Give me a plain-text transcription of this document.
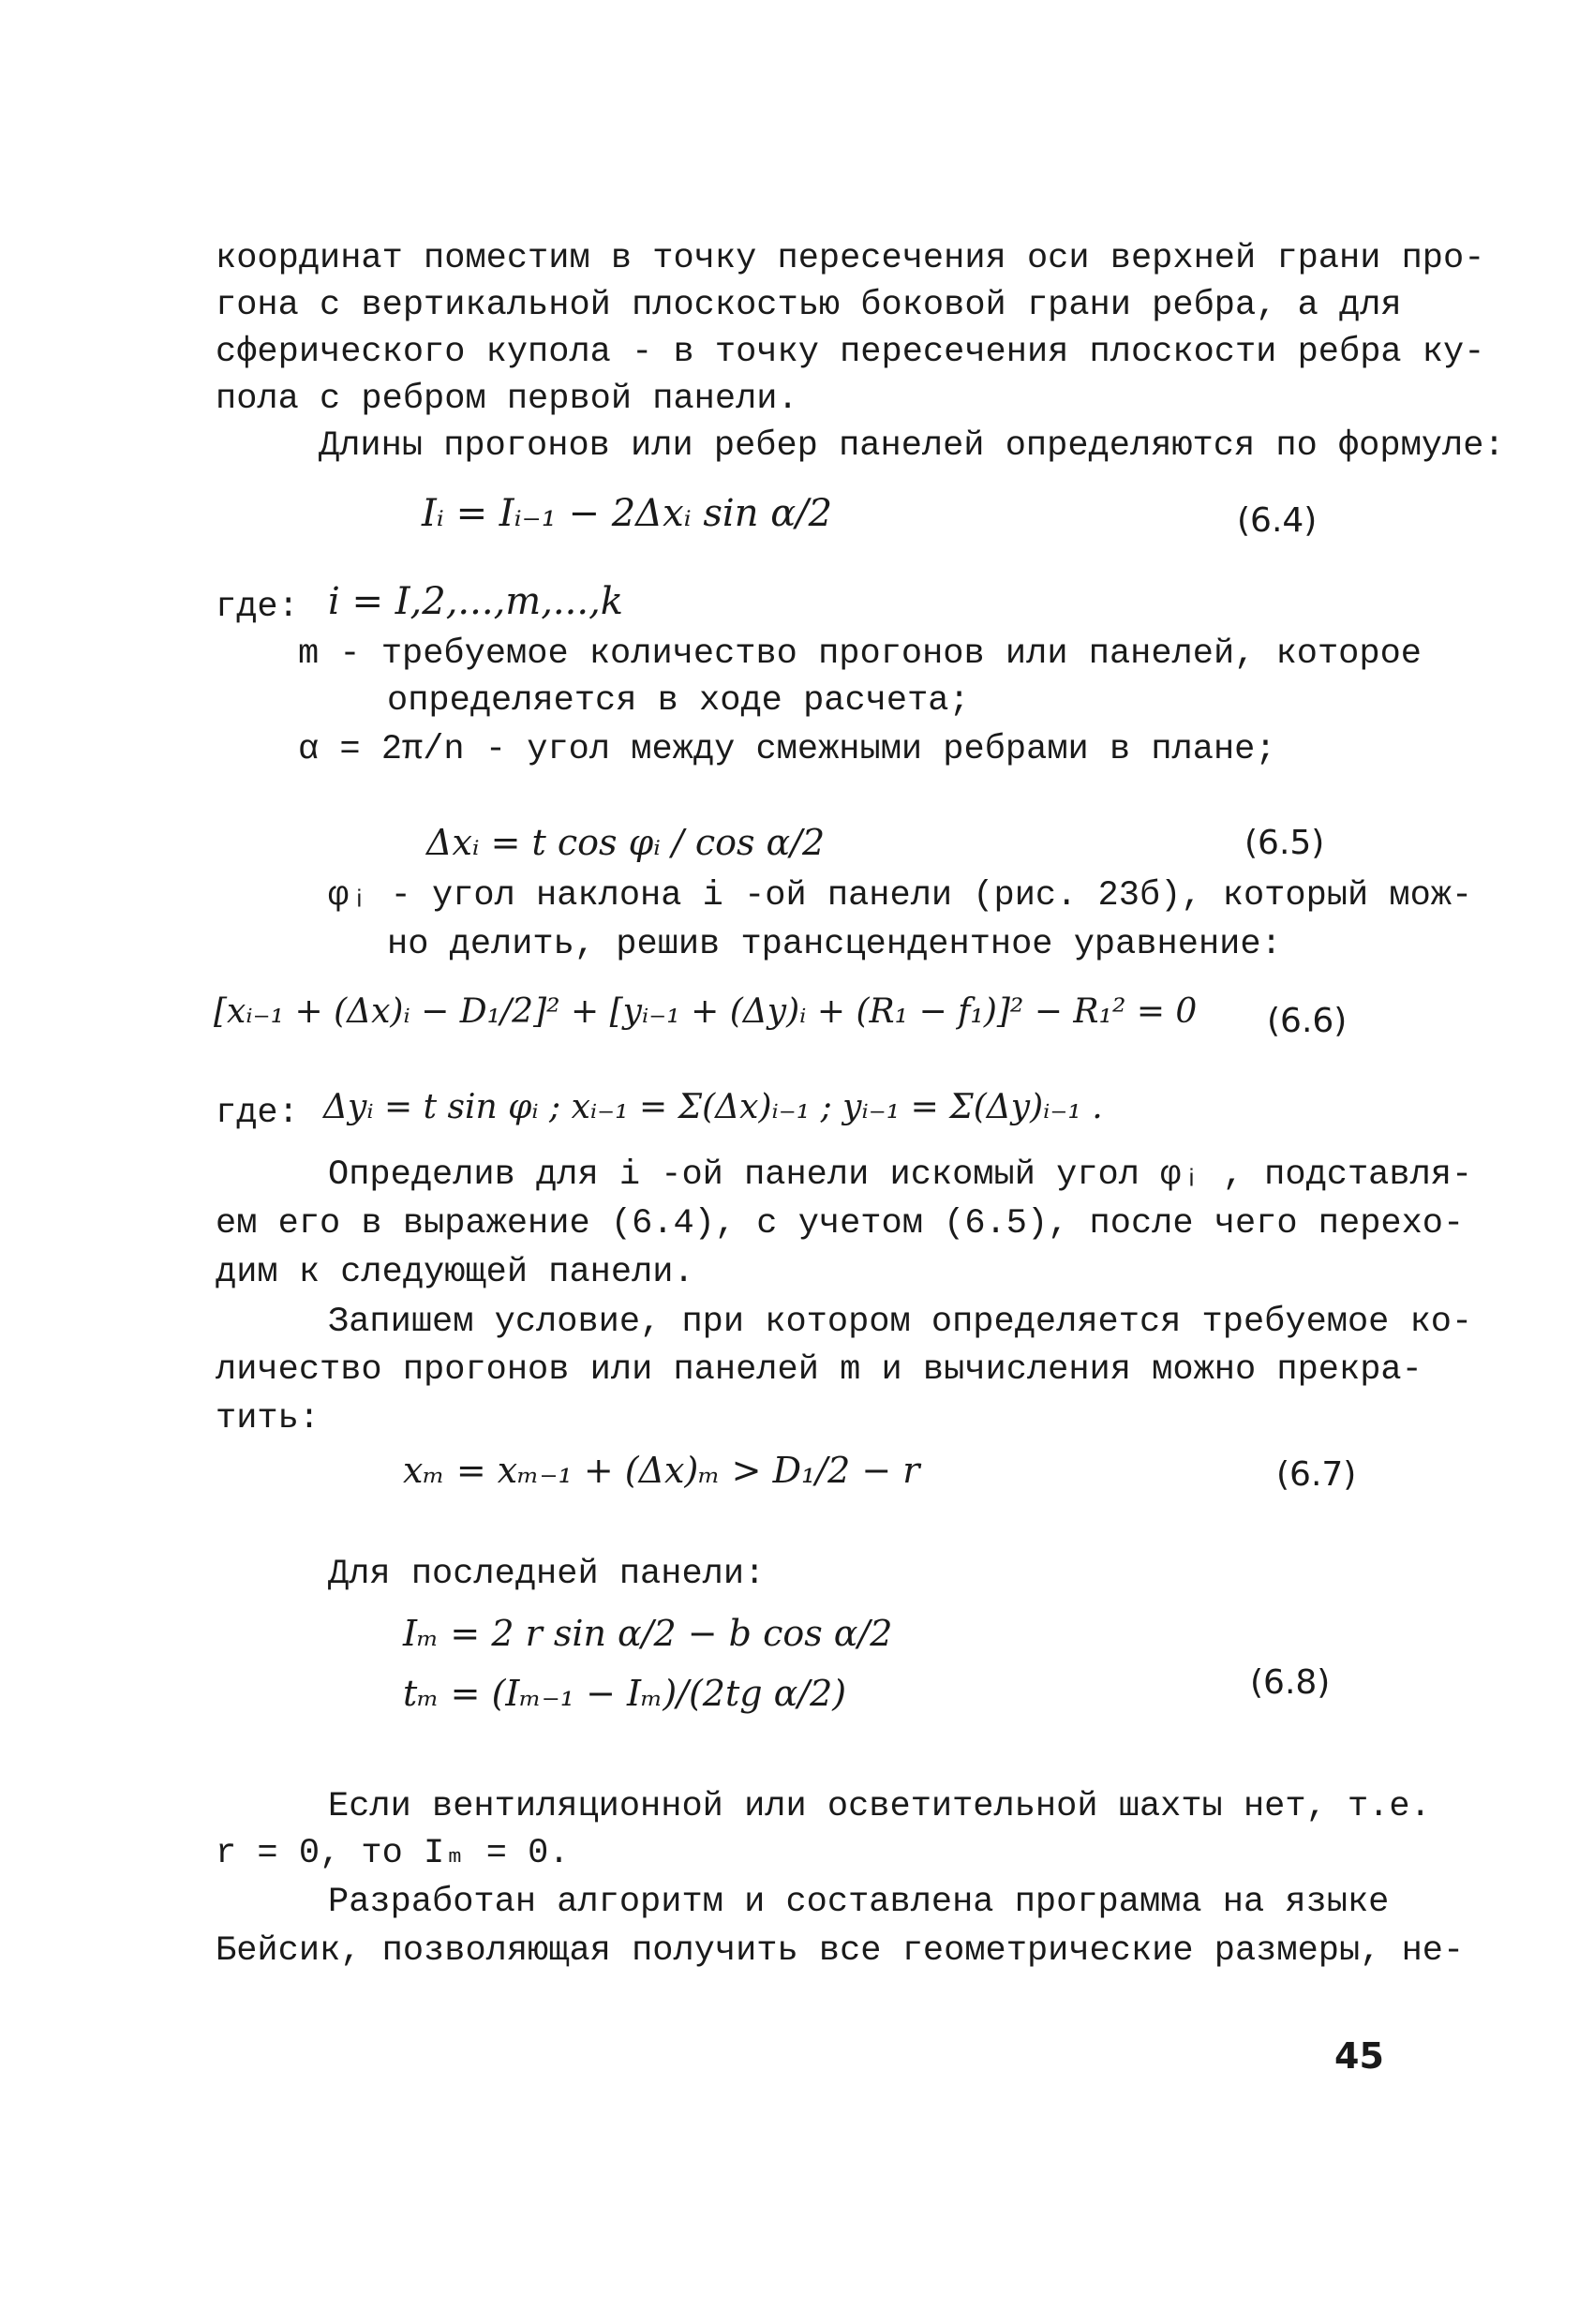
координат поместим в точку пересечения оси верхней грани про-
гона с вертикальной плоскостью боковой грани ребра, а для
сферического купола - в точку пересечения плоскости ребра ку-
пола с ребром первой панели.
Длины прогонов или ребер панелей определяются по формуле:
Iᵢ = Iᵢ₋₁ − 2Δxᵢ sin α/2	(6.4)
где: i = I,2,...,m,...,k
m - требуемое количество прогонов или панелей, которое
определяется в ходе расчета;
α = 2π/n - угол между смежными ребрами в плане;
Δxᵢ = t cos φᵢ / cos α/2	(6.5)
φᵢ - угол наклона i -ой панели (рис. 23б), который мож-
но делить, решив трансцендентное уравнение:
[xᵢ₋₁ + (Δx)ᵢ − D₁/2]² + [yᵢ₋₁ + (Δy)ᵢ + (R₁ − f₁)]² − R₁² = 0 (6.6)
где: Δyᵢ = t sin φᵢ ; xᵢ₋₁ = Σ(Δx)ᵢ₋₁ ; yᵢ₋₁ = Σ(Δy)ᵢ₋₁ .
Определив для i -ой панели искомый угол φᵢ , подставля-
ем его в выражение (6.4), с учетом (6.5), после чего перехо-
дим к следующей панели.
Запишем условие, при котором определяется требуемое ко-
личество прогонов или панелей m и вычисления можно прекра-
тить:
xₘ = xₘ₋₁ + (Δx)ₘ > D₁/2 − r	(6.7)
Для последней панели:
Iₘ = 2 r sin α/2 − b cos α/2
tₘ = (Iₘ₋₁ − Iₘ)/(2tg α/2)	(6.8)
Если вентиляционной или осветительной шахты нет, т.е.
r = 0, то Iₘ = 0.
Разработан алгоритм и составлена программа на языке
Бейсик, позволяющая получить все геометрические размеры, не-
45
